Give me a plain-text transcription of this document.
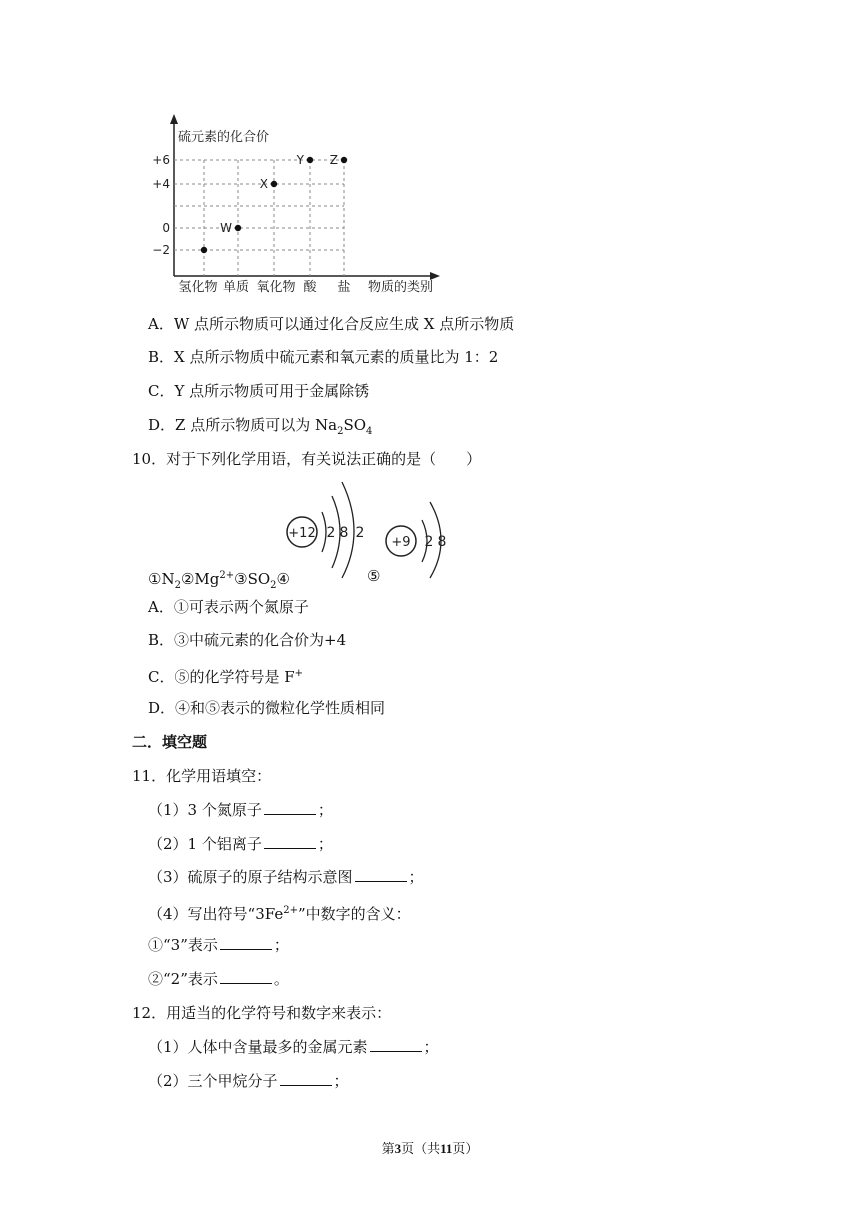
硫元素的化合价
+6
+4
0
−2
氢化物 单质 氧化物 酸 盐
W
X
Y Z
物质的类别
A．W 点所示物质可以通过化合反应生成 X 点所示物质
B．X 点所示物质中硫元素和氧元素的质量比为 1：2
C．Y 点所示物质可用于金属除锈
D．Z 点所示物质可以为 $Na_2SO_4$
10．对于下列化学用语，有关说法正确的是（　　）
+12 2 8 2
+9 2 8
$①N_2②Mg^{2+}③SO_2④$	⑤
A．①可表示两个氮原子
B．③中硫元素的化合价为+4
C．⑤的化学符号是 F+
D．④和⑤表示的微粒化学性质相同
二．填空题
11．化学用语填空：
（1）3 个氮原子	；
（2）1 个铝离子	；
（3）硫原子的原子结构示意图	；
（4）写出符号“$3Fe^{2+}$”中数字的含义：
①“3”表示	；
②“2”表示	。
12．用适当的化学符号和数字来表示：
（1）人体中含量最多的金属元素	；
（2）三个甲烷分子	；
第3页（共11页）
